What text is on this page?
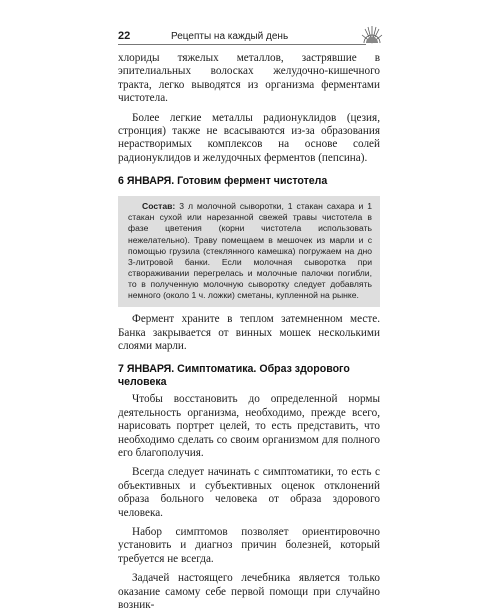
22	Рецепты на каждый день

хлориды тяжелых металлов, застрявшие в эпителиальных волосках желудочно-кишечного тракта, легко выводятся из организма ферментами чистотела.

Более легкие металлы радионуклидов (цезия, стронция) также не всасываются из-за образования нерастворимых комплексов на основе солей радионуклидов и желудочных ферментов (пепсина).

6 ЯНВАРЯ. Готовим фермент чистотела

Состав: 3 л молочной сыворотки, 1 стакан сахара и 1 стакан сухой или нарезанной свежей травы чистотела в фазе цветения (корни чистотела использовать нежелательно). Траву помещаем в мешочек из марли и с помощью грузила (стеклянного камешка) погружаем на дно 3-литровой банки. Если молочная сыворотка при створаживании перегрелась и молочные палочки погибли, то в полученную молочную сыворотку следует добавлять немного (около 1 ч. ложки) сметаны, купленной на рынке.

Фермент храните в теплом затемненном месте. Банка закрывается от винных мошек несколькими слоями марли.

7 ЯНВАРЯ. Симптоматика. Образ здорового человека

Чтобы восстановить до определенной нормы деятельность организма, необходимо, прежде всего, нарисовать портрет целей, то есть представить, что необходимо сделать со своим организмом для полного его благополучия.

Всегда следует начинать с симптоматики, то есть с объективных и субъективных оценок отклонений образа больного человека от образа здорового человека.

Набор симптомов позволяет ориентировочно установить и диагноз причин болезней, который требуется не всегда.

Задачей настоящего лечебника является только оказание самому себе первой помощи при случайно возник-
